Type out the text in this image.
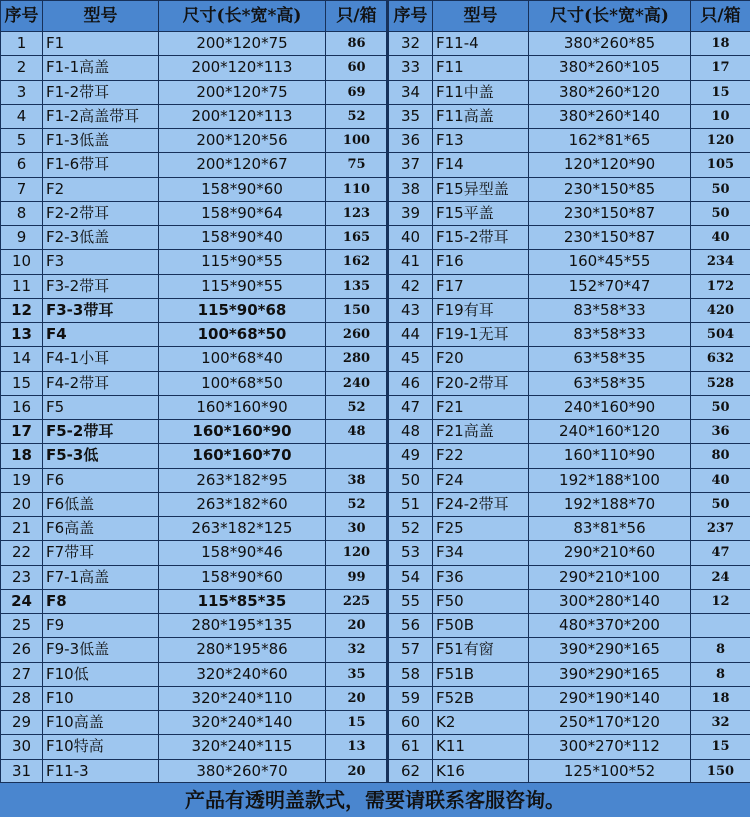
序号	型号	尺寸(长*宽*高)	只/箱
1	F1	200*120*75	86
2	F1-1高盖	200*120*113	60
3	F1-2带耳	200*120*75	69
4	F1-2高盖带耳	200*120*113	52
5	F1-3低盖	200*120*56	100
6	F1-6带耳	200*120*67	75
7	F2	158*90*60	110
8	F2-2带耳	158*90*64	123
9	F2-3低盖	158*90*40	165
10	F3	115*90*55	162
11	F3-2带耳	115*90*55	135
12	F3-3带耳	115*90*68	150
13	F4	100*68*50	260
14	F4-1小耳	100*68*40	280
15	F4-2带耳	100*68*50	240
16	F5	160*160*90	52
17	F5-2带耳	160*160*90	48
18	F5-3低	160*160*70	
19	F6	263*182*95	38
20	F6低盖	263*182*60	52
21	F6高盖	263*182*125	30
22	F7带耳	158*90*46	120
23	F7-1高盖	158*90*60	99
24	F8	115*85*35	225
25	F9	280*195*135	20
26	F9-3低盖	280*195*86	32
27	F10低	320*240*60	35
28	F10	320*240*110	20
29	F10高盖	320*240*140	15
30	F10特高	320*240*115	13
31	F11-3	380*260*70	20
序号	型号	尺寸(长*宽*高)	只/箱
32	F11-4	380*260*85	18
33	F11	380*260*105	17
34	F11中盖	380*260*120	15
35	F11高盖	380*260*140	10
36	F13	162*81*65	120
37	F14	120*120*90	105
38	F15异型盖	230*150*85	50
39	F15平盖	230*150*87	50
40	F15-2带耳	230*150*87	40
41	F16	160*45*55	234
42	F17	152*70*47	172
43	F19有耳	83*58*33	420
44	F19-1无耳	83*58*33	504
45	F20	63*58*35	632
46	F20-2带耳	63*58*35	528
47	F21	240*160*90	50
48	F21高盖	240*160*120	36
49	F22	160*110*90	80
50	F24	192*188*100	40
51	F24-2带耳	192*188*70	50
52	F25	83*81*56	237
53	F34	290*210*60	47
54	F36	290*210*100	24
55	F50	300*280*140	12
56	F50B	480*370*200	
57	F51有窗	390*290*165	8
58	F51B	390*290*165	8
59	F52B	290*190*140	18
60	K2	250*170*120	32
61	K11	300*270*112	15
62	K16	125*100*52	150
产品有透明盖款式，需要请联系客服咨询。
